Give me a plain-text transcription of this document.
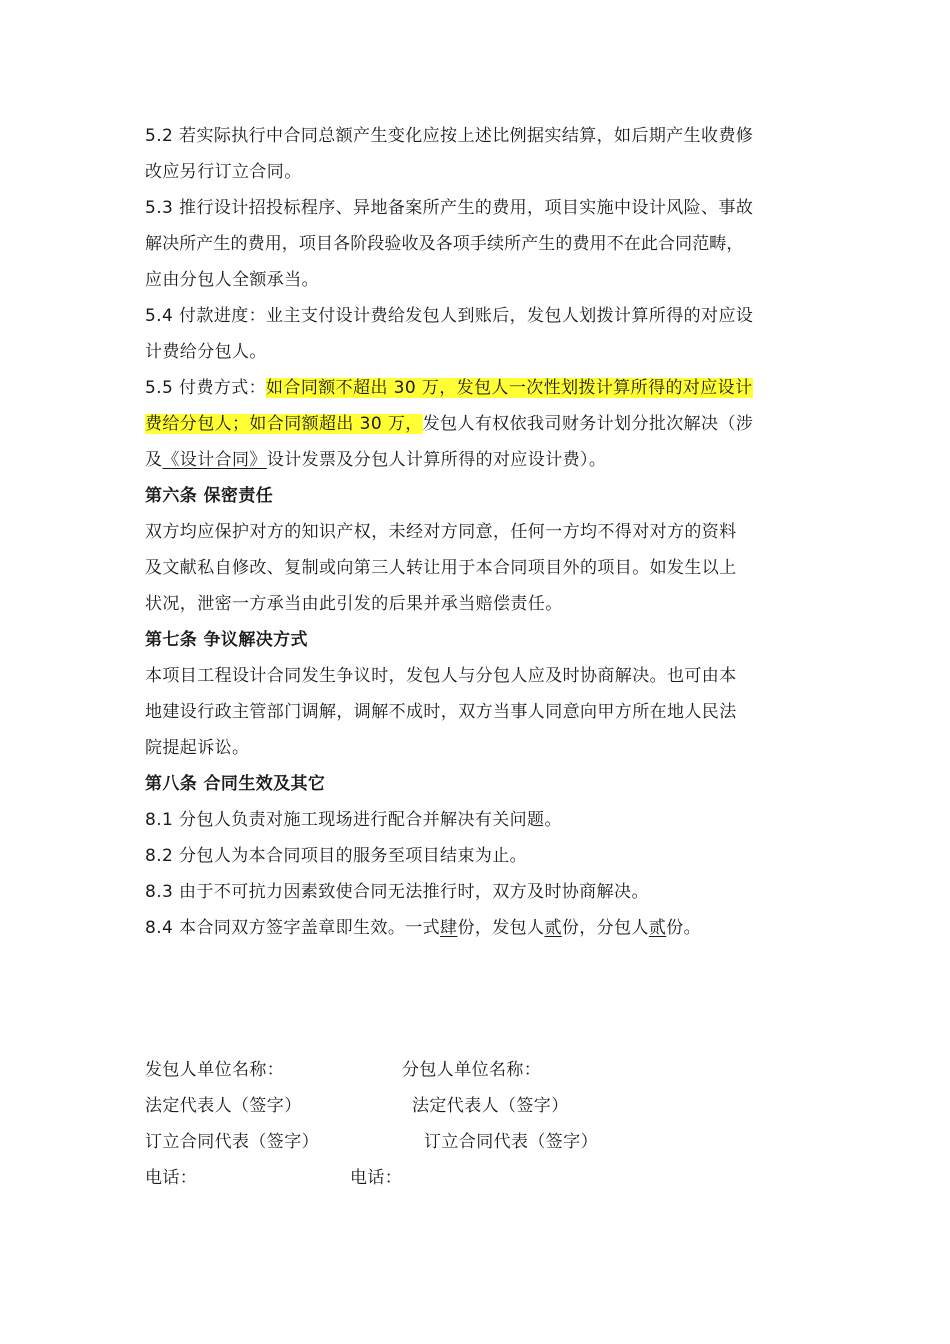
5.2 若实际执行中合同总额产生变化应按上述比例据实结算，如后期产生收费修
改应另行订立合同。
5.3 推行设计招投标程序、异地备案所产生的费用，项目实施中设计风险、事故
解决所产生的费用，项目各阶段验收及各项手续所产生的费用不在此合同范畴，
应由分包人全额承当。
5.4 付款进度：业主支付设计费给发包人到账后，发包人划拨计算所得的对应设
计费给分包人。
5.5 付费方式：如合同额不超出 30 万，发包人一次性划拨计算所得的对应设计
费给分包人；如合同额超出 30 万，发包人有权依我司财务计划分批次解决（涉
及《设计合同》设计发票及分包人计算所得的对应设计费）。
第六条 保密责任
双方均应保护对方的知识产权，未经对方同意，任何一方均不得对对方的资料
及文献私自修改、复制或向第三人转让用于本合同项目外的项目。如发生以上
状况，泄密一方承当由此引发的后果并承当赔偿责任。
第七条 争议解决方式
本项目工程设计合同发生争议时，发包人与分包人应及时协商解决。也可由本
地建设行政主管部门调解，调解不成时，双方当事人同意向甲方所在地人民法
院提起诉讼。
第八条 合同生效及其它
8.1 分包人负责对施工现场进行配合并解决有关问题。
8.2 分包人为本合同项目的服务至项目结束为止。
8.3 由于不可抗力因素致使合同无法推行时，双方及时协商解决。
8.4 本合同双方签字盖章即生效。一式肆份，发包人贰份，分包人贰份。
发包人单位名称：	分包人单位名称：
法定代表人（签字）	法定代表人（签字）
订立合同代表（签字）	订立合同代表（签字）
电话：	电话：
